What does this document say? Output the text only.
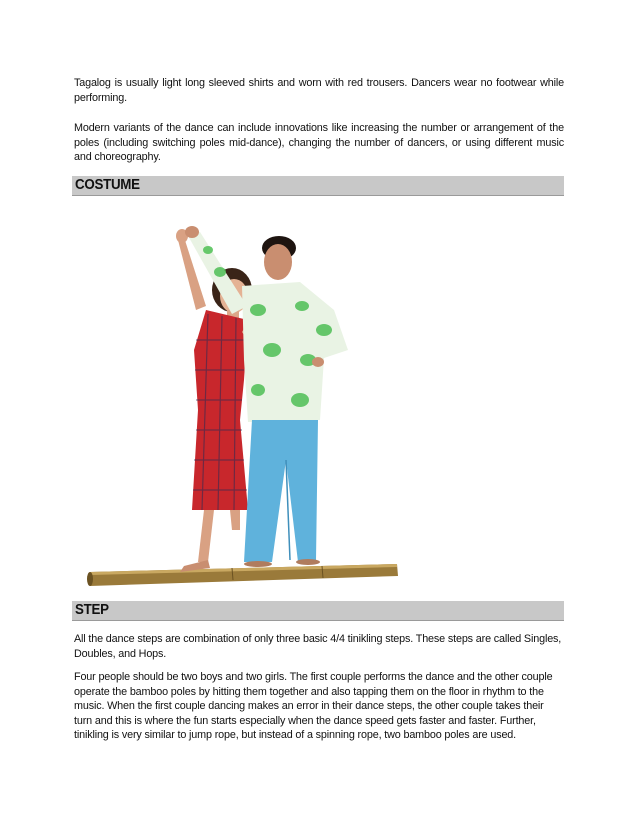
Tagalog is usually light long sleeved shirts and worn with red trousers. Dancers wear no footwear while performing.

Modern variants of the dance can include innovations like increasing the number or arrangement of the poles (including switching poles mid-dance), changing the number of dancers, or using different music and choreography.

COSTUME
STEP

All the dance steps are combination of only three basic 4/4 tinikling steps. These steps are called Singles, Doubles, and Hops.

Four people should be two boys and two girls. The first couple performs the dance and the other couple operate the bamboo poles by hitting them together and also tapping them on the floor in rhythm to the music. When the first couple dancing makes an error in their dance steps, the other couple takes their turn and this is where the fun starts especially when the dance speed gets faster and faster. Further, tinikling is very similar to jump rope, but instead of a spinning rope, two bamboo poles are used.
